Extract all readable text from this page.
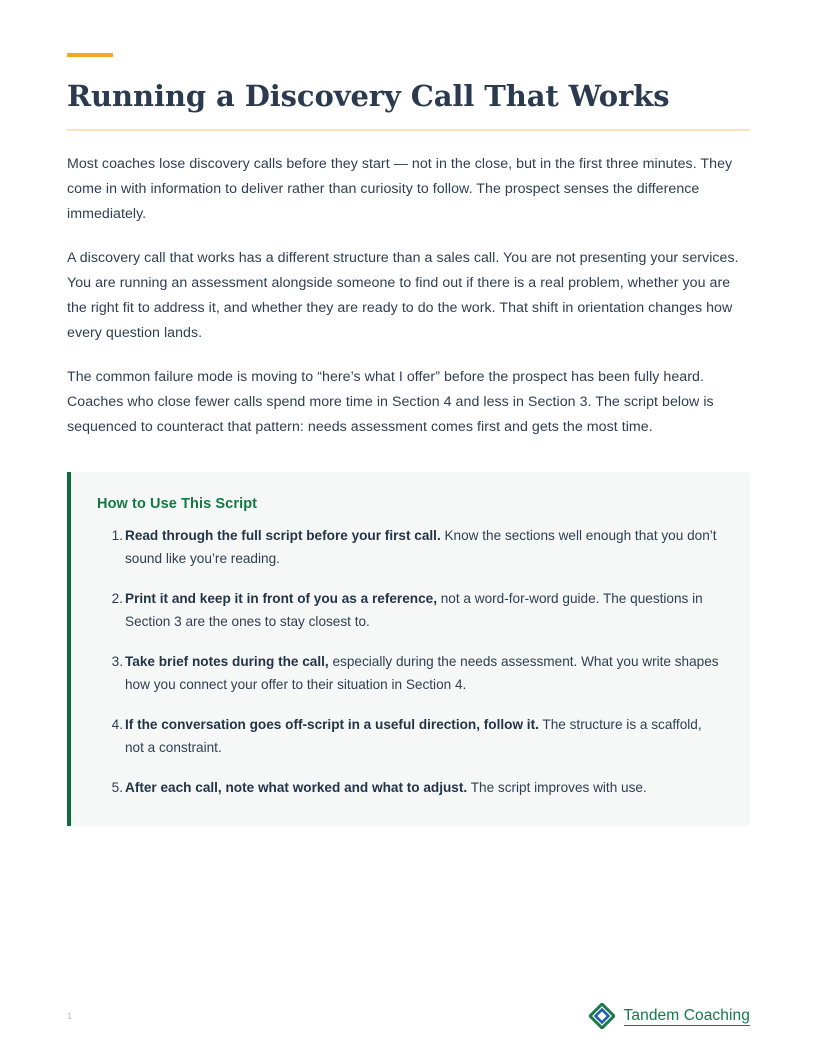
Running a Discovery Call That Works

Most coaches lose discovery calls before they start — not in the close, but in the first three minutes. They come in with information to deliver rather than curiosity to follow. The prospect senses the difference immediately.

A discovery call that works has a different structure than a sales call. You are not presenting your services. You are running an assessment alongside someone to find out if there is a real problem, whether you are the right fit to address it, and whether they are ready to do the work. That shift in orientation changes how every question lands.

The common failure mode is moving to “here’s what I offer” before the prospect has been fully heard. Coaches who close fewer calls spend more time in Section 4 and less in Section 3. The script below is sequenced to counteract that pattern: needs assessment comes first and gets the most time.

How to Use This Script
Read through the full script before your first call. Know the sections well enough that you don’t sound like you’re reading.
Print it and keep it in front of you as a reference, not a word-for-word guide. The questions in Section 3 are the ones to stay closest to.
Take brief notes during the call, especially during the needs assessment. What you write shapes how you connect your offer to their situation in Section 4.
If the conversation goes off-script in a useful direction, follow it. The structure is a scaffold, not a constraint.
After each call, note what worked and what to adjust. The script improves with use.
1	Tandem Coaching
